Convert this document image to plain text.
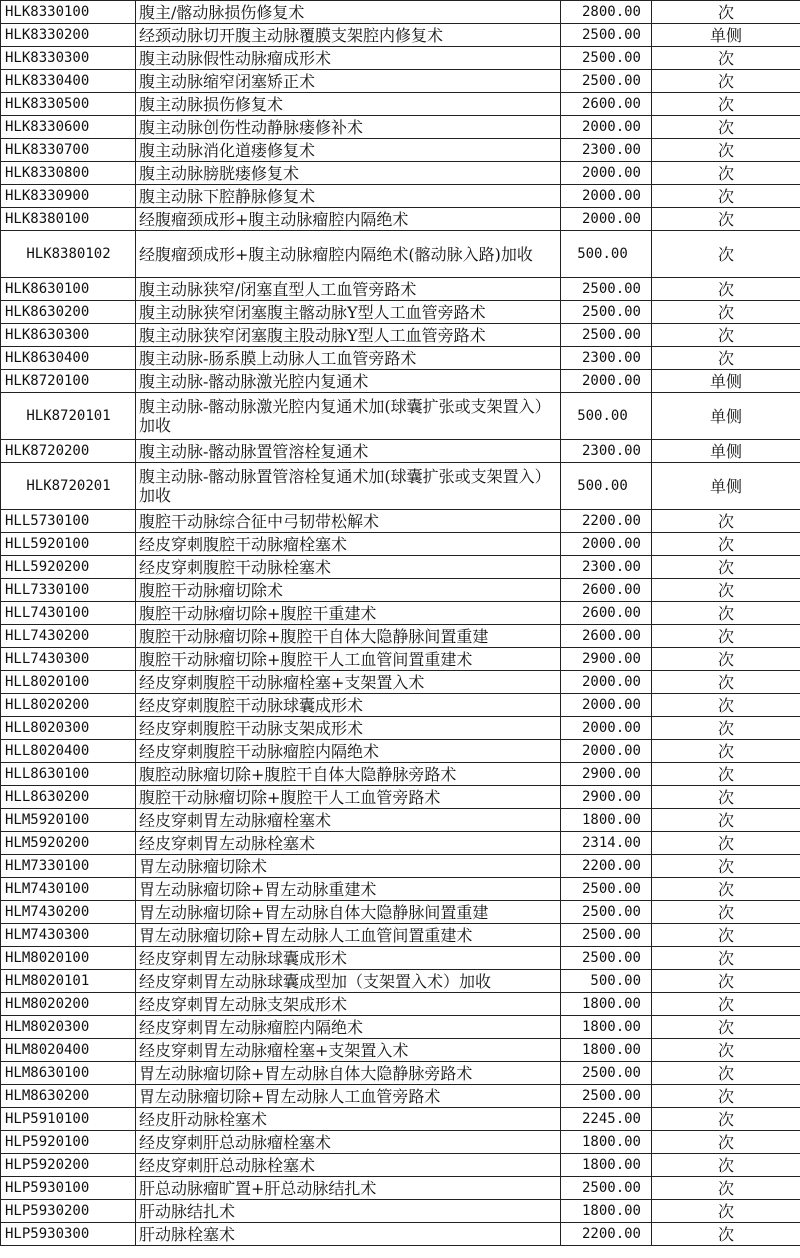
HLK8330100	腹主/髂动脉损伤修复术	2800.00	次
HLK8330200	经颈动脉切开腹主动脉覆膜支架腔内修复术	2500.00	单侧
HLK8330300	腹主动脉假性动脉瘤成形术	2500.00	次
HLK8330400	腹主动脉缩窄闭塞矫正术	2500.00	次
HLK8330500	腹主动脉损伤修复术	2600.00	次
HLK8330600	腹主动脉创伤性动静脉瘘修补术	2000.00	次
HLK8330700	腹主动脉消化道瘘修复术	2300.00	次
HLK8330800	腹主动脉膀胱瘘修复术	2000.00	次
HLK8330900	腹主动脉下腔静脉修复术	2000.00	次
HLK8380100	经腹瘤颈成形+腹主动脉瘤腔内隔绝术	2000.00	次
HLK8380102	经腹瘤颈成形+腹主动脉瘤腔内隔绝术(髂动脉入路)加收	500.00	次
HLK8630100	腹主动脉狭窄/闭塞直型人工血管旁路术	2500.00	次
HLK8630200	腹主动脉狭窄闭塞腹主髂动脉Y型人工血管旁路术	2500.00	次
HLK8630300	腹主动脉狭窄闭塞腹主股动脉Y型人工血管旁路术	2500.00	次
HLK8630400	腹主动脉-肠系膜上动脉人工血管旁路术	2300.00	次
HLK8720100	腹主动脉-髂动脉激光腔内复通术	2000.00	单侧
HLK8720101	腹主动脉-髂动脉激光腔内复通术加(球囊扩张或支架置入）加收	500.00	单侧
HLK8720200	腹主动脉-髂动脉置管溶栓复通术	2300.00	单侧
HLK8720201	腹主动脉-髂动脉置管溶栓复通术加(球囊扩张或支架置入）加收	500.00	单侧
HLL5730100	腹腔干动脉综合征中弓韧带松解术	2200.00	次
HLL5920100	经皮穿刺腹腔干动脉瘤栓塞术	2000.00	次
HLL5920200	经皮穿刺腹腔干动脉栓塞术	2300.00	次
HLL7330100	腹腔干动脉瘤切除术	2600.00	次
HLL7430100	腹腔干动脉瘤切除+腹腔干重建术	2600.00	次
HLL7430200	腹腔干动脉瘤切除+腹腔干自体大隐静脉间置重建	2600.00	次
HLL7430300	腹腔干动脉瘤切除+腹腔干人工血管间置重建术	2900.00	次
HLL8020100	经皮穿刺腹腔干动脉瘤栓塞+支架置入术	2000.00	次
HLL8020200	经皮穿刺腹腔干动脉球囊成形术	2000.00	次
HLL8020300	经皮穿刺腹腔干动脉支架成形术	2000.00	次
HLL8020400	经皮穿刺腹腔干动脉瘤腔内隔绝术	2000.00	次
HLL8630100	腹腔动脉瘤切除+腹腔干自体大隐静脉旁路术	2900.00	次
HLL8630200	腹腔干动脉瘤切除+腹腔干人工血管旁路术	2900.00	次
HLM5920100	经皮穿刺胃左动脉瘤栓塞术	1800.00	次
HLM5920200	经皮穿刺胃左动脉栓塞术	2314.00	次
HLM7330100	胃左动脉瘤切除术	2200.00	次
HLM7430100	胃左动脉瘤切除+胃左动脉重建术	2500.00	次
HLM7430200	胃左动脉瘤切除+胃左动脉自体大隐静脉间置重建	2500.00	次
HLM7430300	胃左动脉瘤切除+胃左动脉人工血管间置重建术	2500.00	次
HLM8020100	经皮穿刺胃左动脉球囊成形术	2500.00	次
HLM8020101	经皮穿刺胃左动脉球囊成型加（支架置入术）加收	500.00	次
HLM8020200	经皮穿刺胃左动脉支架成形术	1800.00	次
HLM8020300	经皮穿刺胃左动脉瘤腔内隔绝术	1800.00	次
HLM8020400	经皮穿刺胃左动脉瘤栓塞+支架置入术	1800.00	次
HLM8630100	胃左动脉瘤切除+胃左动脉自体大隐静脉旁路术	2500.00	次
HLM8630200	胃左动脉瘤切除+胃左动脉人工血管旁路术	2500.00	次
HLP5910100	经皮肝动脉栓塞术	2245.00	次
HLP5920100	经皮穿刺肝总动脉瘤栓塞术	1800.00	次
HLP5920200	经皮穿刺肝总动脉栓塞术	1800.00	次
HLP5930100	肝总动脉瘤旷置+肝总动脉结扎术	2500.00	次
HLP5930200	肝动脉结扎术	1800.00	次
HLP5930300	肝动脉栓塞术	2200.00	次
